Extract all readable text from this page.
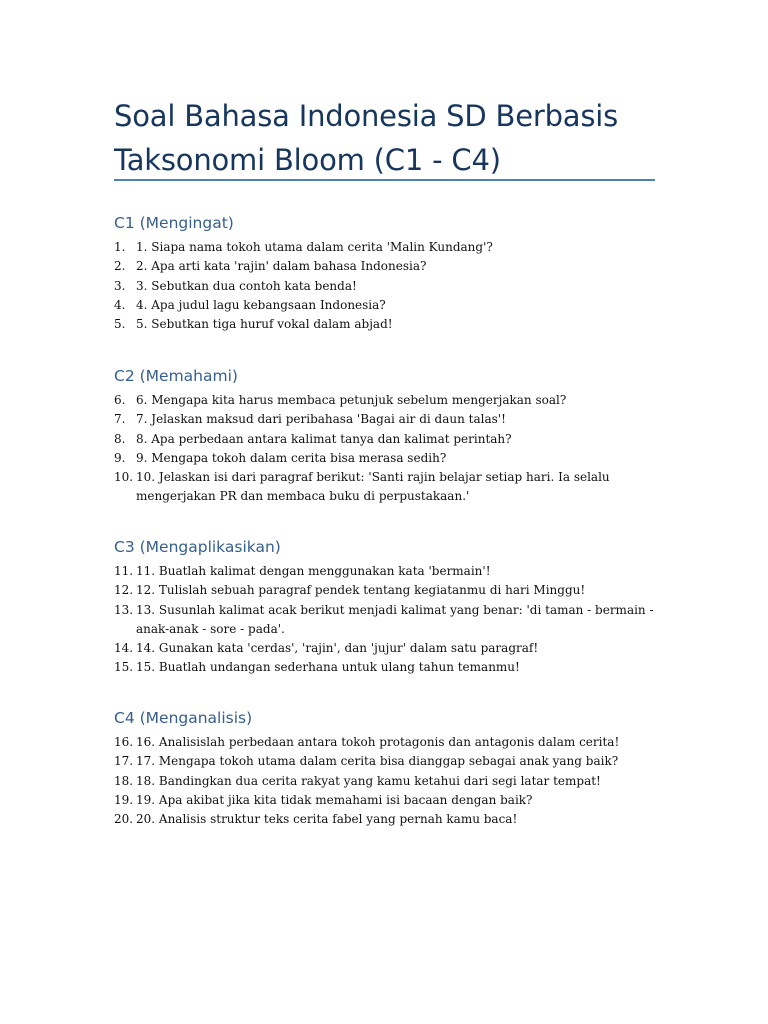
Soal Bahasa Indonesia SD Berbasis Taksonomi Bloom (C1 - C4)
C1 (Mengingat)
1. 1. Siapa nama tokoh utama dalam cerita 'Malin Kundang'?
2. 2. Apa arti kata 'rajin' dalam bahasa Indonesia?
3. 3. Sebutkan dua contoh kata benda!
4. 4. Apa judul lagu kebangsaan Indonesia?
5. 5. Sebutkan tiga huruf vokal dalam abjad!
C2 (Memahami)
6. 6. Mengapa kita harus membaca petunjuk sebelum mengerjakan soal?
7. 7. Jelaskan maksud dari peribahasa 'Bagai air di daun talas'!
8. 8. Apa perbedaan antara kalimat tanya dan kalimat perintah?
9. 9. Mengapa tokoh dalam cerita bisa merasa sedih?
10. 10. Jelaskan isi dari paragraf berikut: 'Santi rajin belajar setiap hari. Ia selalu mengerjakan PR dan membaca buku di perpustakaan.'
C3 (Mengaplikasikan)
11. 11. Buatlah kalimat dengan menggunakan kata 'bermain'!
12. 12. Tulislah sebuah paragraf pendek tentang kegiatanmu di hari Minggu!
13. 13. Susunlah kalimat acak berikut menjadi kalimat yang benar: 'di taman - bermain - anak-anak - sore - pada'.
14. 14. Gunakan kata 'cerdas', 'rajin', dan 'jujur' dalam satu paragraf!
15. 15. Buatlah undangan sederhana untuk ulang tahun temanmu!
C4 (Menganalisis)
16. 16. Analisislah perbedaan antara tokoh protagonis dan antagonis dalam cerita!
17. 17. Mengapa tokoh utama dalam cerita bisa dianggap sebagai anak yang baik?
18. 18. Bandingkan dua cerita rakyat yang kamu ketahui dari segi latar tempat!
19. 19. Apa akibat jika kita tidak memahami isi bacaan dengan baik?
20. 20. Analisis struktur teks cerita fabel yang pernah kamu baca!
